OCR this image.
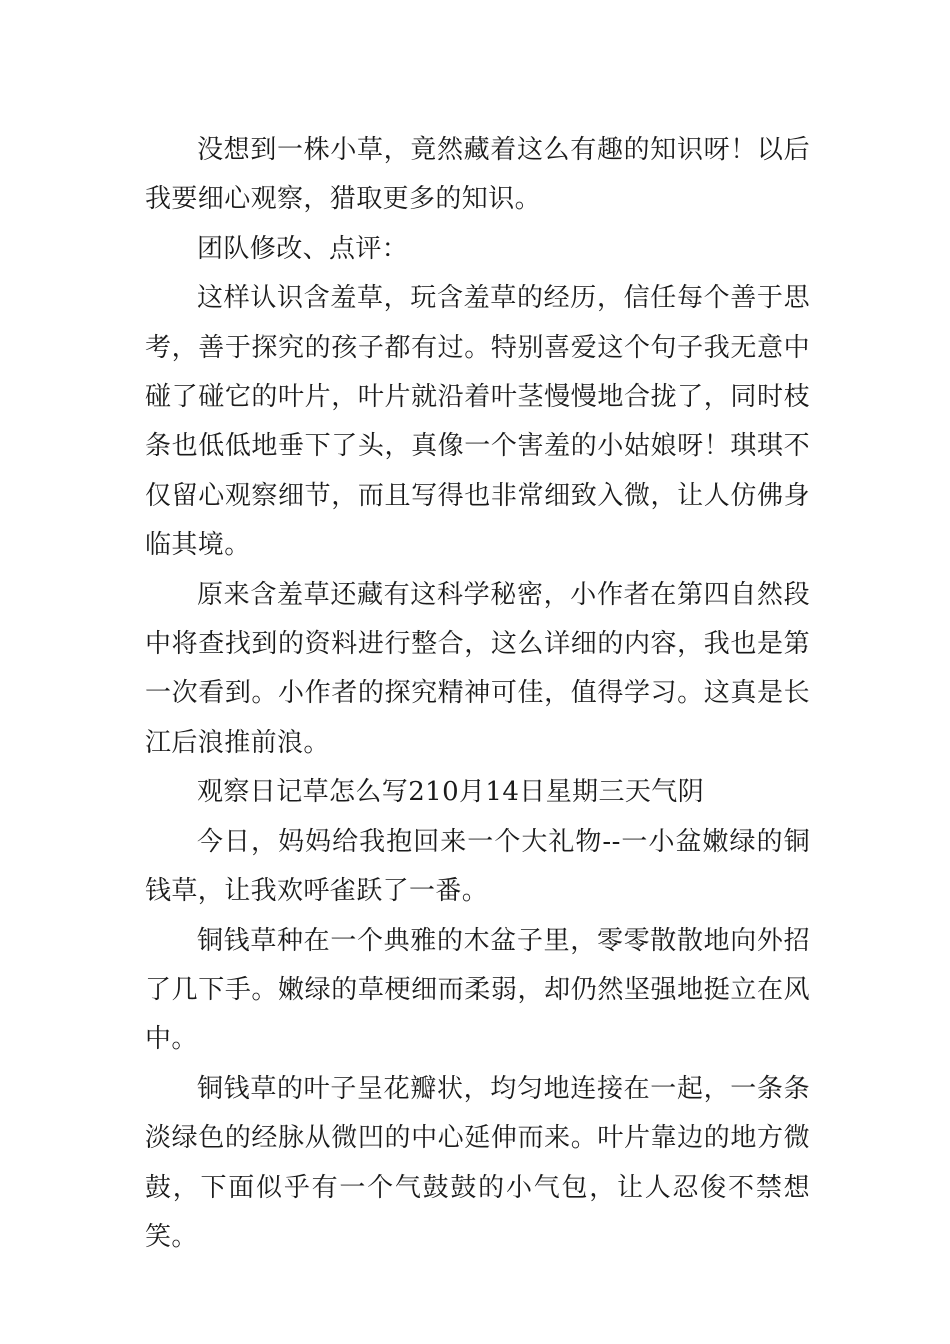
没想到一株小草，竟然藏着这么有趣的知识呀！以后我要细心观察，猎取更多的知识。

团队修改、点评：

这样认识含羞草，玩含羞草的经历，信任每个善于思考，善于探究的孩子都有过。特别喜爱这个句子我无意中碰了碰它的叶片，叶片就沿着叶茎慢慢地合拢了，同时枝条也低低地垂下了头，真像一个害羞的小姑娘呀！琪琪不仅留心观察细节，而且写得也非常细致入微，让人仿佛身临其境。

原来含羞草还藏有这科学秘密，小作者在第四自然段中将查找到的资料进行整合，这么详细的内容，我也是第一次看到。小作者的探究精神可佳，值得学习。这真是长江后浪推前浪。

观察日记草怎么写210月14日星期三天气阴

今日，妈妈给我抱回来一个大礼物--一小盆嫩绿的铜钱草，让我欢呼雀跃了一番。

铜钱草种在一个典雅的木盆子里，零零散散地向外招了几下手。嫩绿的草梗细而柔弱，却仍然坚强地挺立在风中。

铜钱草的叶子呈花瓣状，均匀地连接在一起，一条条淡绿色的经脉从微凹的中心延伸而来。叶片靠边的地方微鼓，下面似乎有一个气鼓鼓的小气包，让人忍俊不禁想笑。
